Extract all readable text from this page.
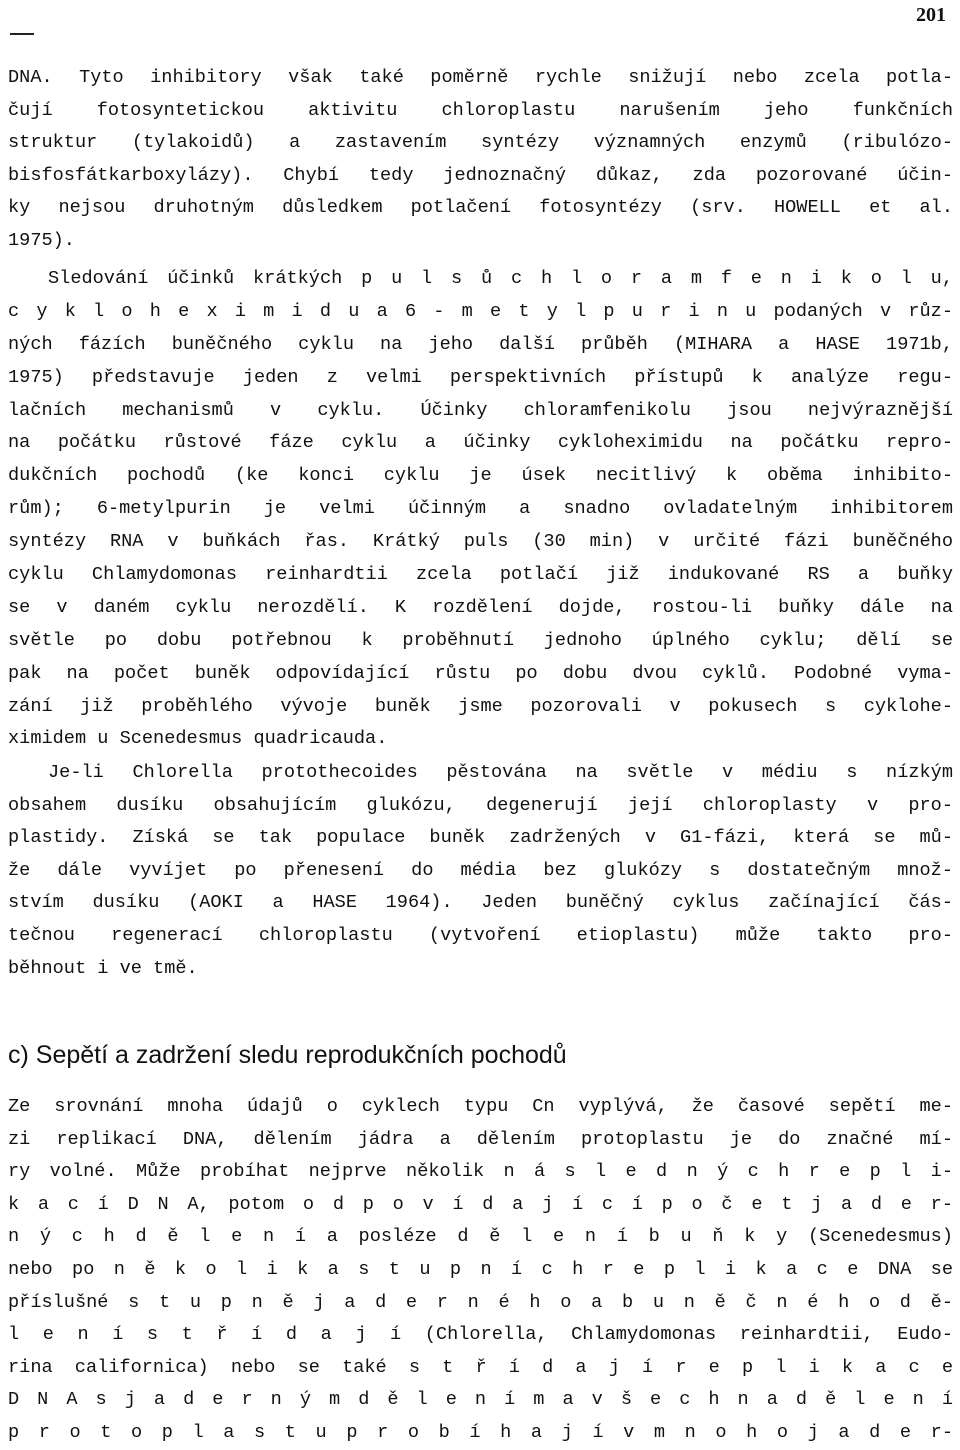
201
DNA. Tyto inhibitory však také poměrně rychle snižují nebo zcela potla-
čují fotosyntetickou aktivitu chloroplastu narušením jeho funkčních
struktur (tylakoidů) a zastavením syntézy významných enzymů (ribulózo-
bisfosfátkarboxylázy). Chybí tedy jednoznačný důkaz, zda pozorované účin-
ky nejsou druhotným důsledkem potlačení fotosyntézy (srv. HOWELL et al.
1975).
Sledování účinků krátkých p u l s ů c h l o r a m f e n i k o l u,
c y k l o h e x i m i d u a 6 - m e t y l p u r i n u podaných v růz-
ných fázích buněčného cyklu na jeho další průběh (MIHARA a HASE 1971b,
1975) představuje jeden z velmi perspektivních přístupů k analýze regu-
lačních mechanismů v cyklu. Účinky chloramfenikolu jsou nejvýraznější
na počátku růstové fáze cyklu a účinky cykloheximidu na počátku repro-
dukčních pochodů (ke konci cyklu je úsek necitlivý k oběma inhibito-
rům); 6-metylpurin je velmi účinným a snadno ovladatelným inhibitorem
syntézy RNA v buňkách řas. Krátký puls (30 min) v určité fázi buněčného
cyklu Chlamydomonas reinhardtii zcela potlačí již indukované RS a buňky
se v daném cyklu nerozdělí. K rozdělení dojde, rostou-li buňky dále na
světle po dobu potřebnou k proběhnutí jednoho úplného cyklu; dělí se
pak na počet buněk odpovídající růstu po dobu dvou cyklů. Podobné vyma-
zání již proběhlého vývoje buněk jsme pozorovali v pokusech s cyklohe-
ximidem u Scenedesmus quadricauda.
Je-li Chlorella protothecoides pěstována na světle v médiu s nízkým
obsahem dusíku obsahujícím glukózu, degenerují její chloroplasty v pro-
plastidy. Získá se tak populace buněk zadržených v G1-fázi, která se mů-
že dále vyvíjet po přenesení do média bez glukózy s dostatečným množ-
stvím dusíku (AOKI a HASE 1964). Jeden buněčný cyklus začínající čás-
tečnou regenerací chloroplastu (vytvoření etioplastu) může takto pro-
běhnout i ve tmě.
c) Sepětí a zadržení sledu reprodukčních pochodů
Ze srovnání mnoha údajů o cyklech typu Cn vyplývá, že časové sepětí me-
zi replikací DNA, dělením jádra a dělením protoplastu je do značné mí-
ry volné. Může probíhat nejprve několik n á s l e d n ý c h r e p l i-
k a c í D N A, potom o d p o v í d a j í c í p o č e t j a d e r-
n ý c h d ě l e n í a posléze d ě l e n í b u ň k y (Scenedesmus)
nebo po n ě k o l i k a s t u p n í c h r e p l i k a c e DNA se
příslušné s t u p n ě j a d e r n é h o a b u n ě č n é h o d ě-
l e n í s t ř í d a j í (Chlorella, Chlamydomonas reinhardtii, Eudo-
rina californica) nebo se také s t ř í d a j í r e p l i k a c e
D N A s j a d e r n ý m d ě l e n í m a v š e c h n a d ě l e n í
p r o t o p l a s t u p r o b í h a j í v m n o h o j a d e r-
